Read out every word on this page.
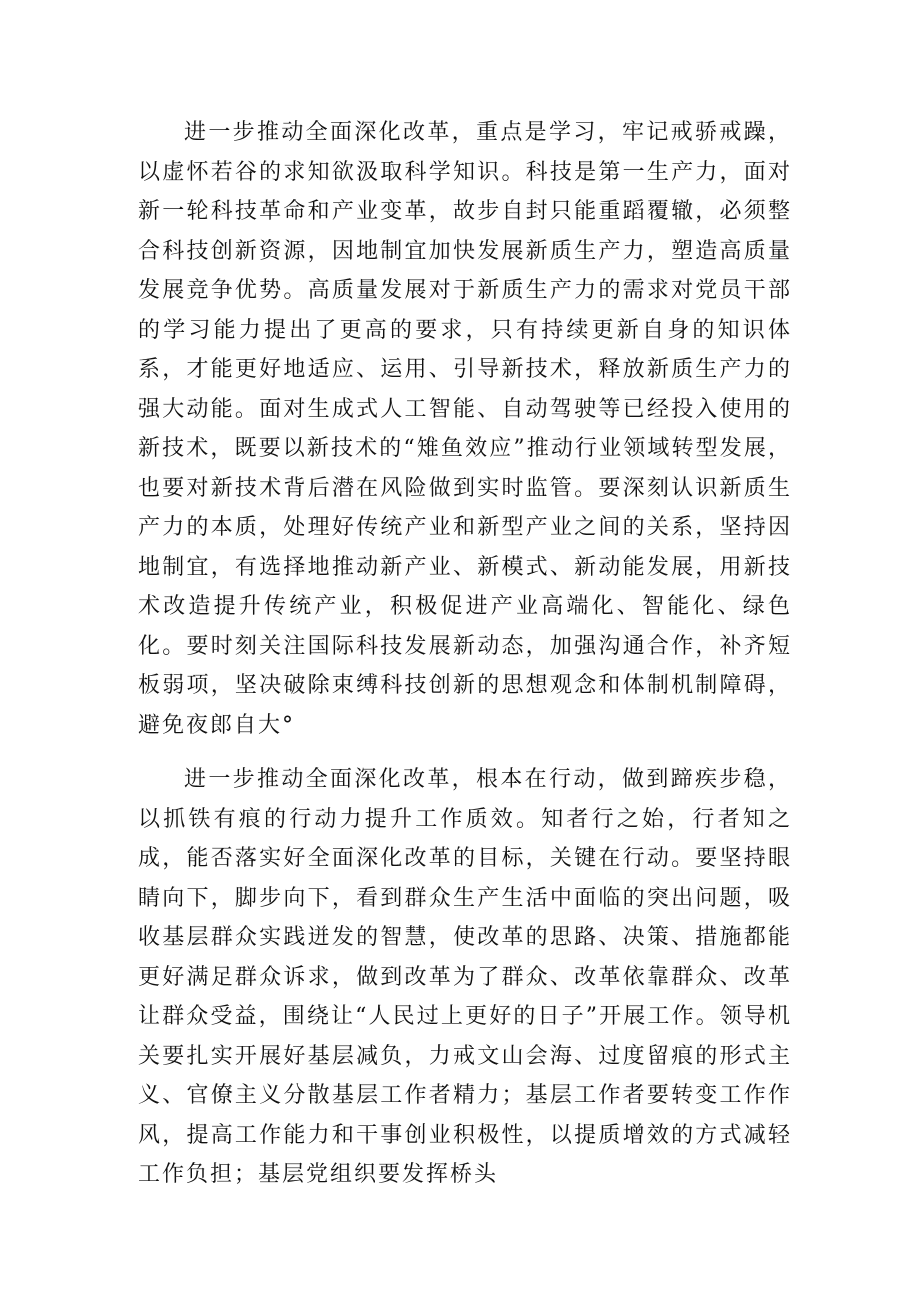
进一步推动全面深化改革，重点是学习，牢记戒骄戒躁，以虚怀若谷的求知欲汲取科学知识。科技是第一生产力，面对新一轮科技革命和产业变革，故步自封只能重蹈覆辙，必须整合科技创新资源，因地制宜加快发展新质生产力，塑造高质量发展竞争优势。高质量发展对于新质生产力的需求对党员干部的学习能力提出了更高的要求，只有持续更新自身的知识体系，才能更好地适应、运用、引导新技术，释放新质生产力的强大动能。面对生成式人工智能、自动驾驶等已经投入使用的新技术，既要以新技术的“雉鱼效应”推动行业领域转型发展，也要对新技术背后潜在风险做到实时监管。要深刻认识新质生产力的本质，处理好传统产业和新型产业之间的关系，坚持因地制宜，有选择地推动新产业、新模式、新动能发展，用新技术改造提升传统产业，积极促进产业高端化、智能化、绿色化。要时刻关注国际科技发展新动态，加强沟通合作，补齐短板弱项，坚决破除束缚科技创新的思想观念和体制机制障碍，避免夜郎自大°

进一步推动全面深化改革，根本在行动，做到蹄疾步稳，以抓铁有痕的行动力提升工作质效。知者行之始，行者知之成，能否落实好全面深化改革的目标，关键在行动。要坚持眼睛向下，脚步向下，看到群众生产生活中面临的突出问题，吸收基层群众实践迸发的智慧，使改革的思路、决策、措施都能更好满足群众诉求，做到改革为了群众、改革依靠群众、改革让群众受益，围绕让“人民过上更好的日子”开展工作。领导机关要扎实开展好基层减负，力戒文山会海、过度留痕的形式主义、官僚主义分散基层工作者精力；基层工作者要转变工作作风，提高工作能力和干事创业积极性，以提质增效的方式减轻工作负担；基层党组织要发挥桥头
